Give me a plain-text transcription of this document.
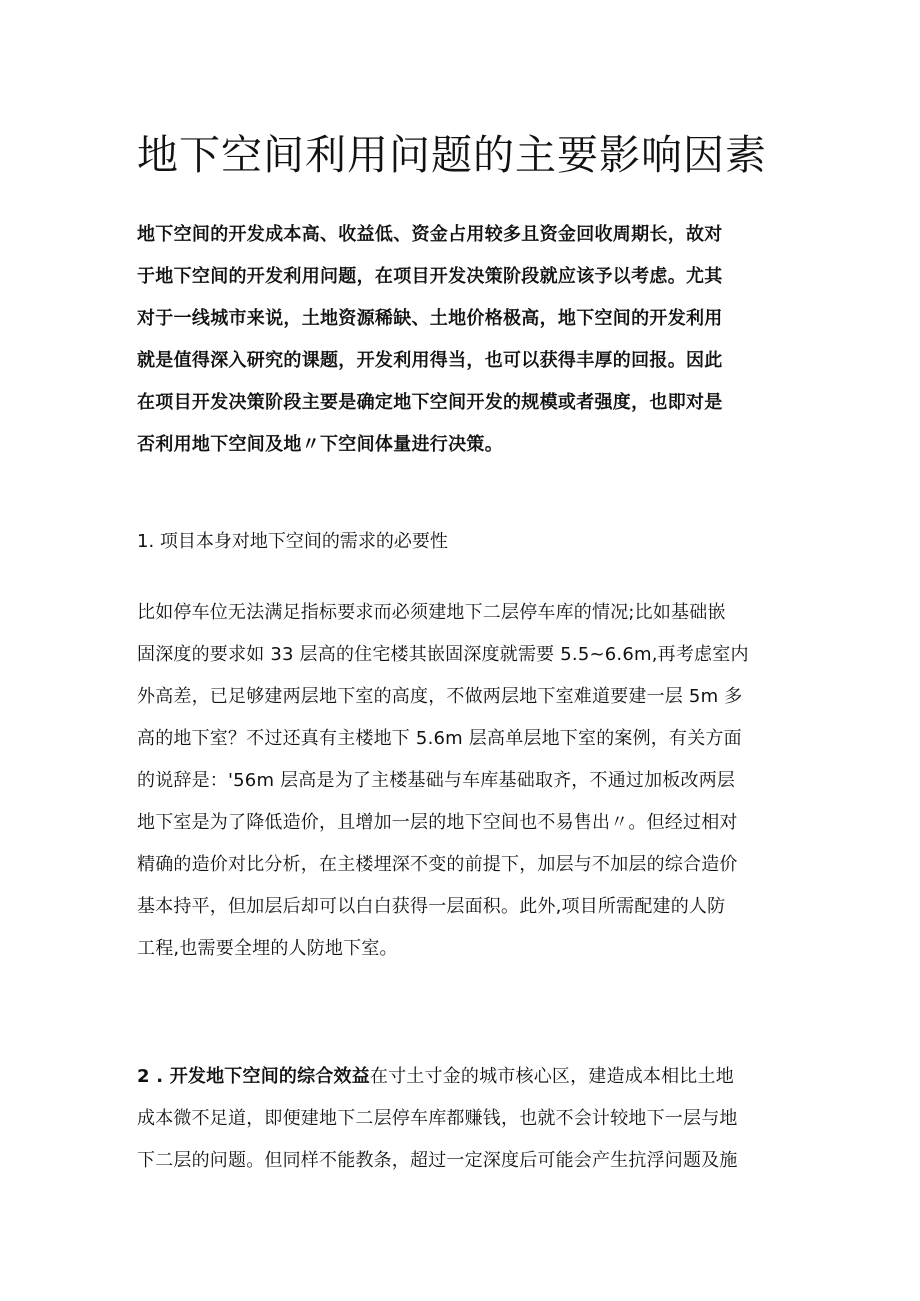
地下空间利用问题的主要影响因素
地下空间的开发成本高、收益低、资金占用较多且资金回收周期长，故对
于地下空间的开发利用问题，在项目开发决策阶段就应该予以考虑。尤其
对于一线城市来说，土地资源稀缺、土地价格极高，地下空间的开发利用
就是值得深入研究的课题，开发利用得当，也可以获得丰厚的回报。因此
在项目开发决策阶段主要是确定地下空间开发的规模或者强度，也即对是
否利用地下空间及地〃下空间体量进行决策。
1. 项目本身对地下空间的需求的必要性
比如停车位无法满足指标要求而必须建地下二层停车库的情况;比如基础嵌
固深度的要求如 33 层高的住宅楼其嵌固深度就需要 5.5~6.6m,再考虑室内
外高差，已足够建两层地下室的高度，不做两层地下室难道要建一层 5m 多
高的地下室？不过还真有主楼地下 5.6m 层高单层地下室的案例，有关方面
的说辞是：'56m 层高是为了主楼基础与车库基础取齐，不通过加板改两层
地下室是为了降低造价，且增加一层的地下空间也不易售出〃。但经过相对
精确的造价对比分析，在主楼埋深不变的前提下，加层与不加层的综合造价
基本持平，但加层后却可以白白获得一层面积。此外,项目所需配建的人防
工程,也需要全埋的人防地下室。
2 . 开发地下空间的综合效益在寸土寸金的城市核心区，建造成本相比土地
成本微不足道，即便建地下二层停车库都赚钱，也就不会计较地下一层与地
下二层的问题。但同样不能教条，超过一定深度后可能会产生抗浮问题及施
